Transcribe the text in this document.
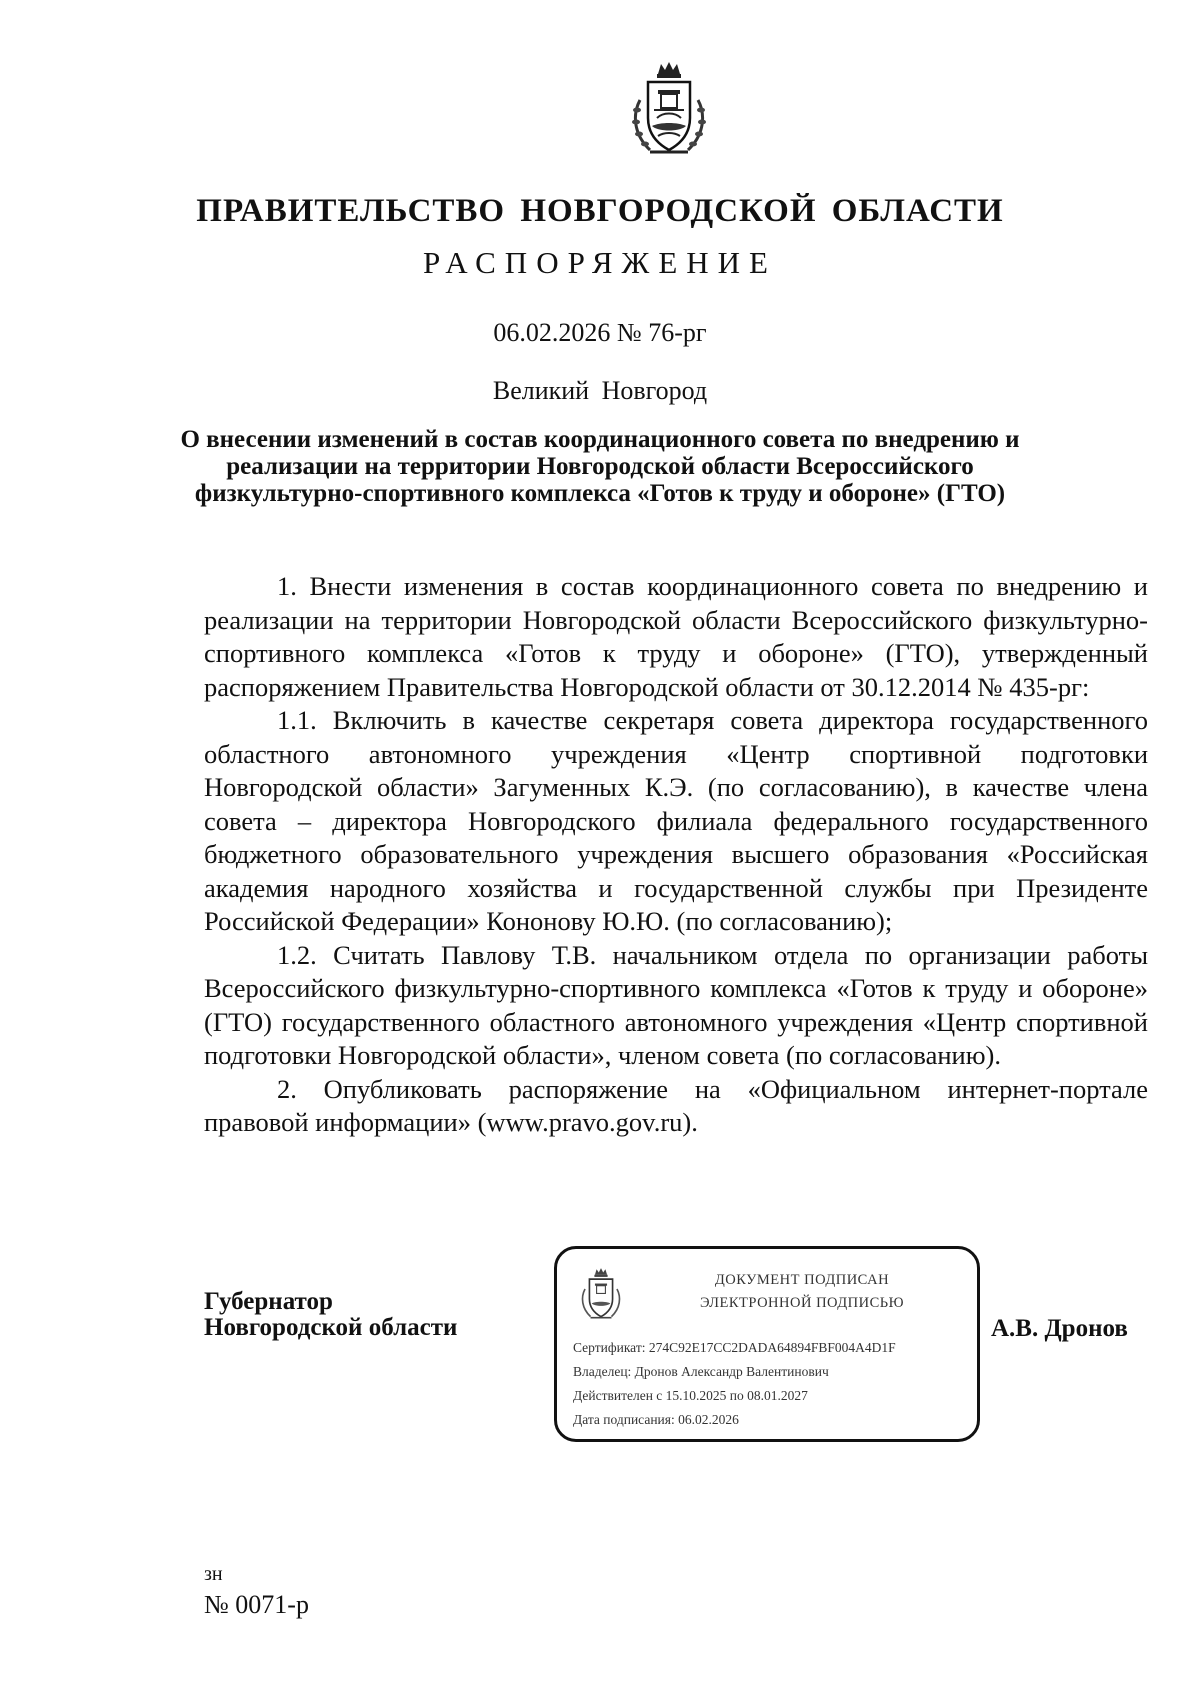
ПРАВИТЕЛЬСТВО НОВГОРОДСКОЙ ОБЛАСТИ
РАСПОРЯЖЕНИЕ
06.02.2026 № 76-рг
Великий Новгород
О внесении изменений в состав координационного совета по внедрению и реализации на территории Новгородской области Всероссийского физкультурно-спортивного комплекса «Готов к труду и обороне» (ГТО)

1. Внести изменения в состав координационного совета по внедрению и реализации на территории Новгородской области Всероссийского физкультурно-спортивного комплекса «Готов к труду и обороне» (ГТО), утвержденный распоряжением Правительства Новгородской области от 30.12.2014 № 435-рг:

1.1. Включить в качестве секретаря совета директора государственного областного автономного учреждения «Центр спортивной подготовки Новгородской области» Загуменных К.Э. (по согласованию), в качестве члена совета – директора Новгородского филиала федерального государственного бюджетного образовательного учреждения высшего образования «Российская академия народного хозяйства и государственной службы при Президенте Российской Федерации» Кононову Ю.Ю. (по согласованию);

1.2. Считать Павлову Т.В. начальником отдела по организации работы Всероссийского физкультурно-спортивного комплекса «Готов к труду и обороне» (ГТО) государственного областного автономного учреждения «Центр спортивной подготовки Новгородской области», членом совета (по согласованию).

2. Опубликовать распоряжение на «Официальном интернет-портале правовой информации» (www.pravo.gov.ru).

Губернатор
Новгородской области
ДОКУМЕНТ ПОДПИСАН
ЭЛЕКТРОННОЙ ПОДПИСЬЮ
Сертификат: 274C92E17CC2DADA64894FBF004A4D1F
Владелец: Дронов Александр Валентинович
Действителен с 15.10.2025 по 08.01.2027
Дата подписания: 06.02.2026
А.В. Дронов
зн
№ 0071-р
